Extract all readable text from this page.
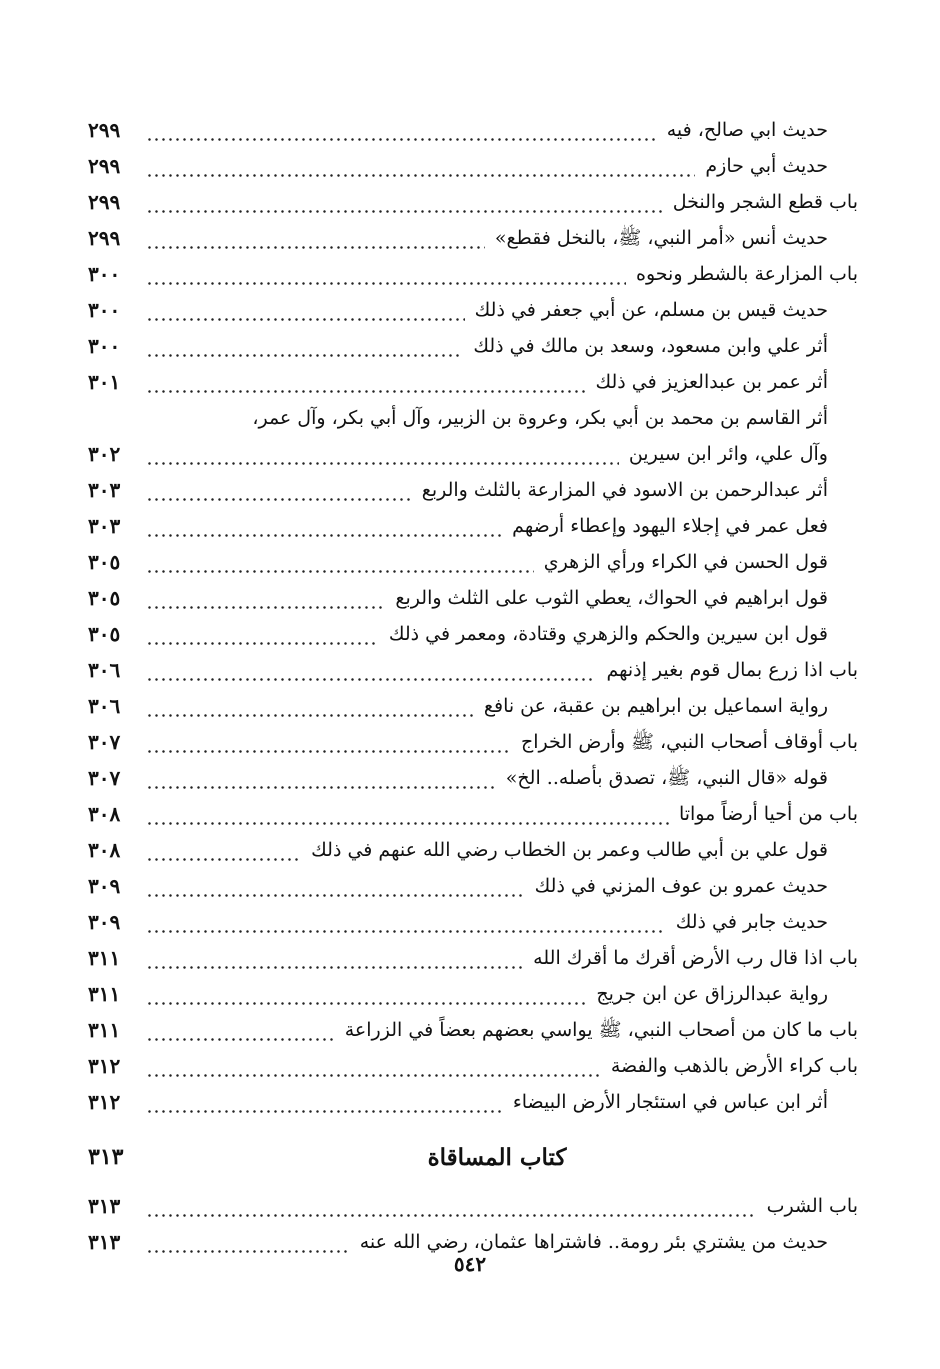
حديث ابي صالح، فيه
٢٩٩
حديث أبي حازم
٢٩٩
باب قطع الشجر والنخل
٢٩٩
حديث أنس «أمر النبي، ﷺ، بالنخل فقطع»
٢٩٩
باب المزارعة بالشطر ونحوه
٣٠٠
حديث قيس بن مسلم، عن أبي جعفر في ذلك
٣٠٠
أثر علي وابن مسعود، وسعد بن مالك في ذلك
٣٠٠
أثر عمر بن عبدالعزيز في ذلك
٣٠١
أثر القاسم بن محمد بن أبي بكر، وعروة بن الزبير، وآل أبي بكر، وآل عمر،
وآل علي، وائر ابن سيرين
٣٠٢
أثر عبدالرحمن بن الاسود في المزارعة بالثلث والربع
٣٠٣
فعل عمر في إجلاء اليهود وإعطاء أرضهم
٣٠٣
قول الحسن في الكراء ورأي الزهري
٣٠٥
قول ابراهيم في الحواك، يعطي الثوب على الثلث والربع
٣٠٥
قول ابن سيرين والحكم والزهري وقتادة، ومعمر في ذلك
٣٠٥
باب اذا زرع بمال قوم بغير إذنهم
٣٠٦
رواية اسماعيل بن ابراهيم بن عقبة، عن نافع
٣٠٦
باب أوقاف أصحاب النبي، ﷺ وأرض الخراج
٣٠٧
قوله «قال النبي، ﷺ، تصدق بأصله.. الخ»
٣٠٧
باب من أحيا أرضاً مواتا
٣٠٨
قول علي بن أبي طالب وعمر بن الخطاب رضي الله عنهم في ذلك
٣٠٨
حديث عمرو بن عوف المزني في ذلك
٣٠٩
حديث جابر في ذلك
٣٠٩
باب اذا قال رب الأرض أقرك ما أقرك الله
٣١١
رواية عبدالرزاق عن ابن جريج
٣١١
باب ما كان من أصحاب النبي، ﷺ يواسي بعضهم بعضاً في الزراعة
٣١١
باب كراء الأرض بالذهب والفضة
٣١٢
أثر ابن عباس في استئجار الأرض البيضاء
٣١٢
كتاب المساقاة
٣١٣
باب الشرب
٣١٣
حديث من يشتري بئر رومة.. فاشتراها عثمان، رضي الله عنه
٣١٣
٥٤٢
